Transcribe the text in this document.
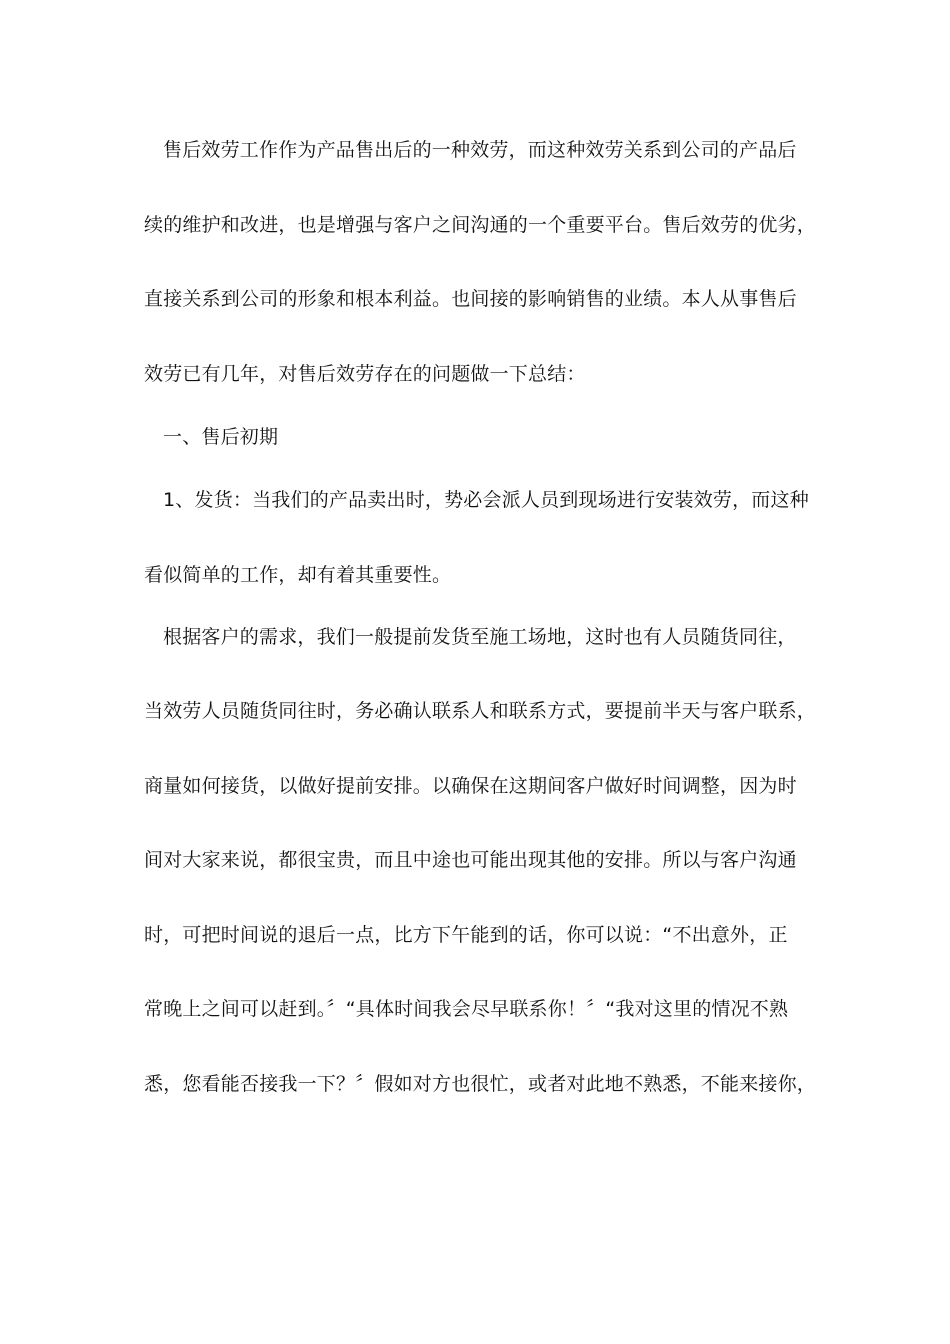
售后效劳工作作为产品售出后的一种效劳，而这种效劳关系到公司的产品后
续的维护和改进，也是增强与客户之间沟通的一个重要平台。售后效劳的优劣，
直接关系到公司的形象和根本利益。也间接的影响销售的业绩。本人从事售后
效劳已有几年，对售后效劳存在的问题做一下总结：
一、售后初期
1、发货：当我们的产品卖出时，势必会派人员到现场进行安装效劳，而这种
看似简单的工作，却有着其重要性。
根据客户的需求，我们一般提前发货至施工场地，这时也有人员随货同往，
当效劳人员随货同往时，务必确认联系人和联系方式，要提前半天与客户联系，
商量如何接货，以做好提前安排。以确保在这期间客户做好时间调整，因为时
间对大家来说，都很宝贵，而且中途也可能出现其他的安排。所以与客户沟通
时，可把时间说的退后一点，比方下午能到的话，你可以说：“不出意外，正
常晚上之间可以赶到。〞“具体时间我会尽早联系你！〞“我对这里的情况不熟
悉，您看能否接我一下？〞假如对方也很忙，或者对此地不熟悉，不能来接你，
